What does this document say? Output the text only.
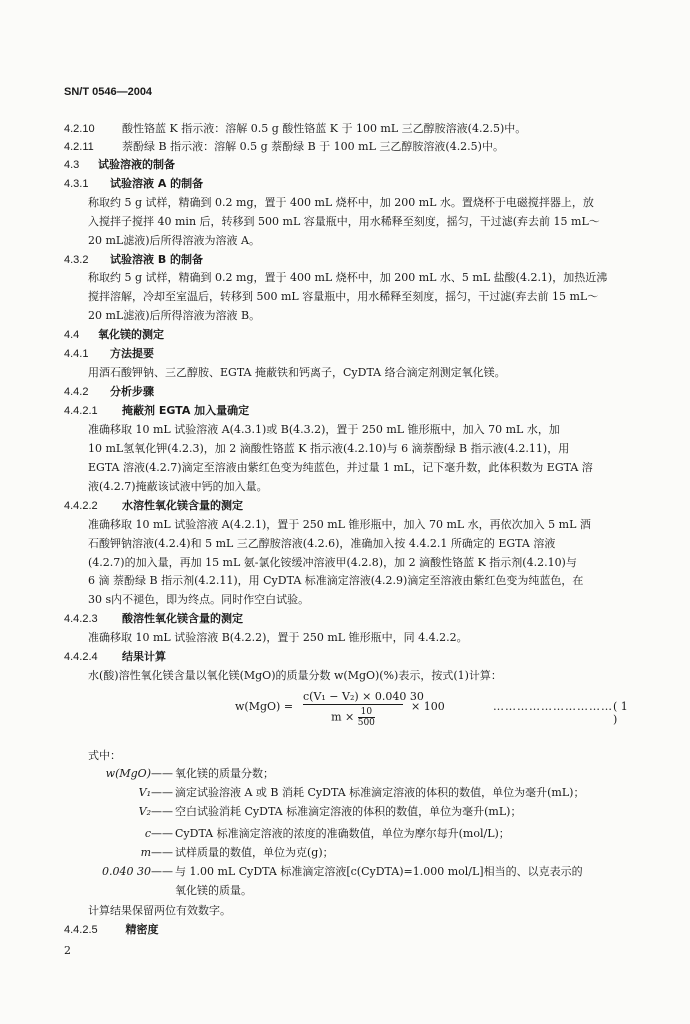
SN/T 0546—2004
4.2.10 酸性铬蓝 K 指示液：溶解 0.5 g 酸性铬蓝 K 于 100 mL 三乙醇胺溶液(4.2.5)中。
4.2.11	萘酚绿 B 指示液：溶解 0.5 g 萘酚绿 B 于 100 mL 三乙醇胺溶液(4.2.5)中。
4.3 试验溶液的制备
4.3.1 试验溶液 A 的制备
称取约 5 g 试样，精确到 0.2 mg，置于 400 mL 烧杯中，加 200 mL 水。置烧杯于电磁搅拌器上，放
入搅拌子搅拌 40 min 后，转移到 500 mL 容量瓶中，用水稀释至刻度，摇匀，干过滤(弃去前 15 mL～
20 mL滤液)后所得溶液为溶液 A。
4.3.2 试验溶液 B 的制备
称取约 5 g 试样，精确到 0.2 mg，置于 400 mL 烧杯中，加 200 mL 水、5 mL 盐酸(4.2.1)，加热近沸
搅拌溶解，冷却至室温后，转移到 500 mL 容量瓶中，用水稀释至刻度，摇匀，干过滤(弃去前 15 mL～
20 mL滤液)后所得溶液为溶液 B。
4.4 氧化镁的测定
4.4.1 方法提要
用酒石酸钾钠、三乙醇胺、EGTA 掩蔽铁和钙离子，CyDTA 络合滴定剂测定氧化镁。
4.4.2 分析步骤
4.4.2.1 掩蔽剂 EGTA 加入量确定
准确移取 10 mL 试验溶液 A(4.3.1)或 B(4.3.2)，置于 250 mL 锥形瓶中，加入 70 mL 水，加
10 mL氢氧化钾(4.2.3)，加 2 滴酸性铬蓝 K 指示液(4.2.10)与 6 滴萘酚绿 B 指示液(4.2.11)，用
EGTA 溶液(4.2.7)滴定至溶液由紫红色变为纯蓝色，并过量 1 mL，记下毫升数，此体积数为 EGTA 溶
液(4.2.7)掩蔽该试液中钙的加入量。
4.4.2.2 水溶性氧化镁含量的测定
准确移取 10 mL 试验溶液 A(4.2.1)，置于 250 mL 锥形瓶中，加入 70 mL 水，再依次加入 5 mL 酒
石酸钾钠溶液(4.2.4)和 5 mL 三乙醇胺溶液(4.2.6)，准确加入按 4.4.2.1 所确定的 EGTA 溶液
(4.2.7)的加入量，再加 15 mL 氨-氯化铵缓冲溶液甲(4.2.8)，加 2 滴酸性铬蓝 K 指示剂(4.2.10)与
6 滴 萘酚绿 B 指示剂(4.2.11)，用 CyDTA 标准滴定溶液(4.2.9)滴定至溶液由紫红色变为纯蓝色，在
30 s内不褪色，即为终点。同时作空白试验。
4.4.2.3 酸溶性氧化镁含量的测定
准确移取 10 mL 试验溶液 B(4.2.2)，置于 250 mL 锥形瓶中，同 4.4.2.2。
4.4.2.4 结果计算
水(酸)溶性氧化镁含量以氧化镁(MgO)的质量分数 w(MgO)(%)表示，按式(1)计算：
$w(MgO) = \frac{\text{c(V₁ − V₂) × 0.040 30}}{m \times \frac{10}{500}} \times 100$	………………………… ( 1 )
式中：
w(MgO)—— 氧化镁的质量分数；
V₁—— 滴定试验溶液 A 或 B 消耗 CyDTA 标准滴定溶液的体积的数值，单位为毫升(mL)；
V₂—— 空白试验消耗 CyDTA 标准滴定溶液的体积的数值，单位为毫升(mL)；
c—— CyDTA 标准滴定溶液的浓度的准确数值，单位为摩尔每升(mol/L)；
m—— 试样质量的数值，单位为克(g)；
0.040 30—— 与 1.00 mL CyDTA 标准滴定溶液[c(CyDTA)=1.000 mol/L]相当的、以克表示的
氧化镁的质量。
计算结果保留两位有效数字。
4.4.2.5	精密度
2
